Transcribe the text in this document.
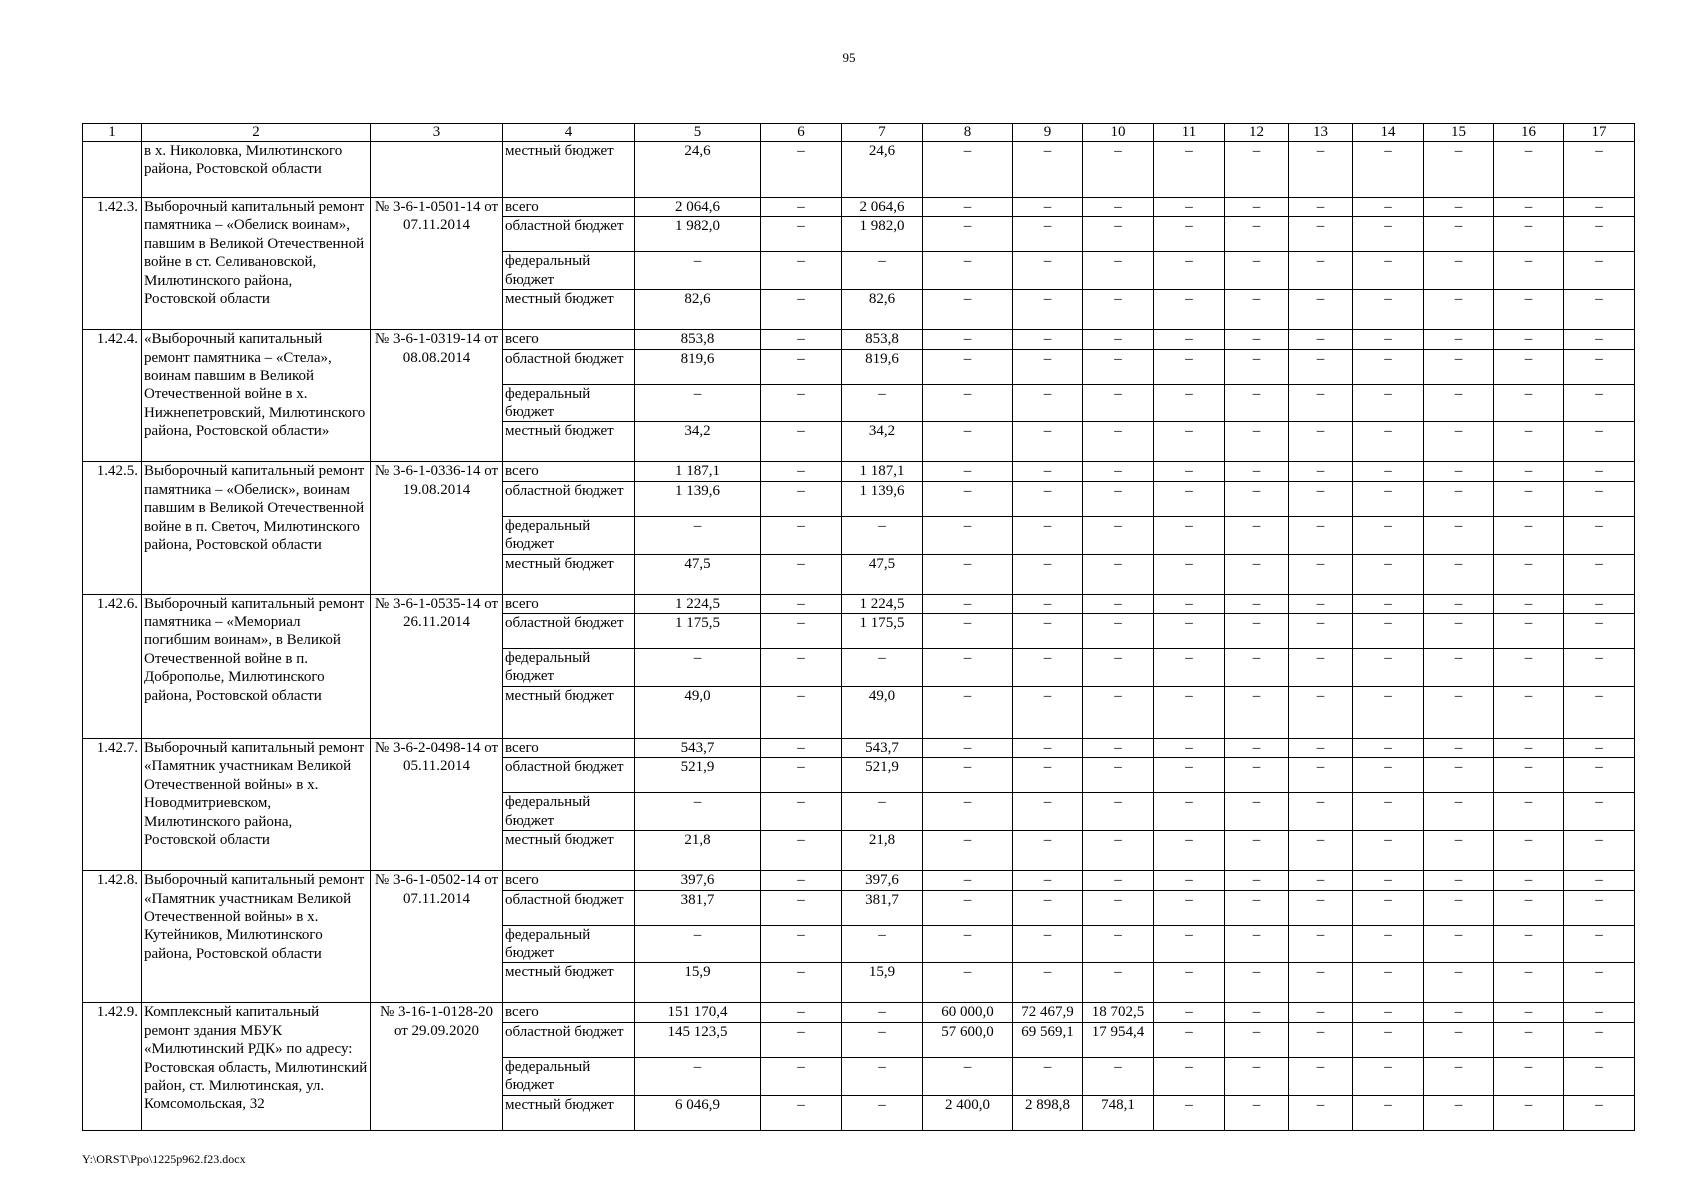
95
1	2	3	4	5	6	7	8	9	10	11	12	13	14	15	16	17
	в х. Николовка, Милютинского района, Ростовской области		местный бюджет	24,6	–	24,6	–	–	–	–	–	–	–	–	–	–
1.42.3.	Выборочный капитальный ремонт памятника – «Обелиск воинам», павшим в Великой Отечественной войне в ст. Селивановской, Милютинского района, Ростовской области	№ 3-6-1-0501-14 от 07.11.2014	всего	2 064,6	–	2 064,6	–	–	–	–	–	–	–	–	–	–
			областной бюджет	1 982,0	–	1 982,0	–	–	–	–	–	–	–	–	–	–
			федеральный бюджет	–	–	–	–	–	–	–	–	–	–	–	–	–
			местный бюджет	82,6	–	82,6	–	–	–	–	–	–	–	–	–	–
1.42.4.	«Выборочный капитальный ремонт памятника – «Стела», воинам павшим в Великой Отечественной войне в х. Нижнепетровский, Милютинского района, Ростовской области»	№ 3-6-1-0319-14 от 08.08.2014	всего	853,8	–	853,8	–	–	–	–	–	–	–	–	–	–
			областной бюджет	819,6	–	819,6	–	–	–	–	–	–	–	–	–	–
			федеральный бюджет	–	–	–	–	–	–	–	–	–	–	–	–	–
			местный бюджет	34,2	–	34,2	–	–	–	–	–	–	–	–	–	–
1.42.5.	Выборочный капитальный ремонт памятника – «Обелиск», воинам павшим в Великой Отечественной войне в п. Светоч, Милютинского района, Ростовской области	№ 3-6-1-0336-14 от 19.08.2014	всего	1 187,1	–	1 187,1	–	–	–	–	–	–	–	–	–	–
			областной бюджет	1 139,6	–	1 139,6	–	–	–	–	–	–	–	–	–	–
			федеральный бюджет	–	–	–	–	–	–	–	–	–	–	–	–	–
			местный бюджет	47,5	–	47,5	–	–	–	–	–	–	–	–	–	–
1.42.6.	Выборочный капитальный ремонт памятника – «Мемориал погибшим воинам», в Великой Отечественной войне в п. Доброполье, Милютинского района, Ростовской области	№ 3-6-1-0535-14 от 26.11.2014	всего	1 224,5	–	1 224,5	–	–	–	–	–	–	–	–	–	–
			областной бюджет	1 175,5	–	1 175,5	–	–	–	–	–	–	–	–	–	–
			федеральный бюджет	–	–	–	–	–	–	–	–	–	–	–	–	–
			местный бюджет	49,0	–	49,0	–	–	–	–	–	–	–	–	–	–
1.42.7.	Выборочный капитальный ремонт «Памятник участникам Великой Отечественной войны» в х. Новодмитриевском, Милютинского района, Ростовской области	№ 3-6-2-0498-14 от 05.11.2014	всего	543,7	–	543,7	–	–	–	–	–	–	–	–	–	–
			областной бюджет	521,9	–	521,9	–	–	–	–	–	–	–	–	–	–
			федеральный бюджет	–	–	–	–	–	–	–	–	–	–	–	–	–
			местный бюджет	21,8	–	21,8	–	–	–	–	–	–	–	–	–	–
1.42.8.	Выборочный капитальный ремонт «Памятник участникам Великой Отечественной войны» в х. Кутейников, Милютинского района, Ростовской области	№ 3-6-1-0502-14 от 07.11.2014	всего	397,6	–	397,6	–	–	–	–	–	–	–	–	–	–
			областной бюджет	381,7	–	381,7	–	–	–	–	–	–	–	–	–	–
			федеральный бюджет	–	–	–	–	–	–	–	–	–	–	–	–	–
			местный бюджет	15,9	–	15,9	–	–	–	–	–	–	–	–	–	–
1.42.9.	Комплексный капитальный ремонт здания МБУК «Милютинский РДК» по адресу: Ростовская область, Милютинский район, ст. Милютинская, ул. Комсомольская, 32	№ 3-16-1-0128-20 от 29.09.2020	всего	151 170,4	–	–	60 000,0	72 467,9	18 702,5	–	–	–	–	–	–	–
			областной бюджет	145 123,5	–	–	57 600,0	69 569,1	17 954,4	–	–	–	–	–	–	–
			федеральный бюджет	–	–	–	–	–	–	–	–	–	–	–	–	–
			местный бюджет	6 046,9	–	–	2 400,0	2 898,8	748,1	–	–	–	–	–	–	–
Y:\ORST\Ppo\1225p962.f23.docx
